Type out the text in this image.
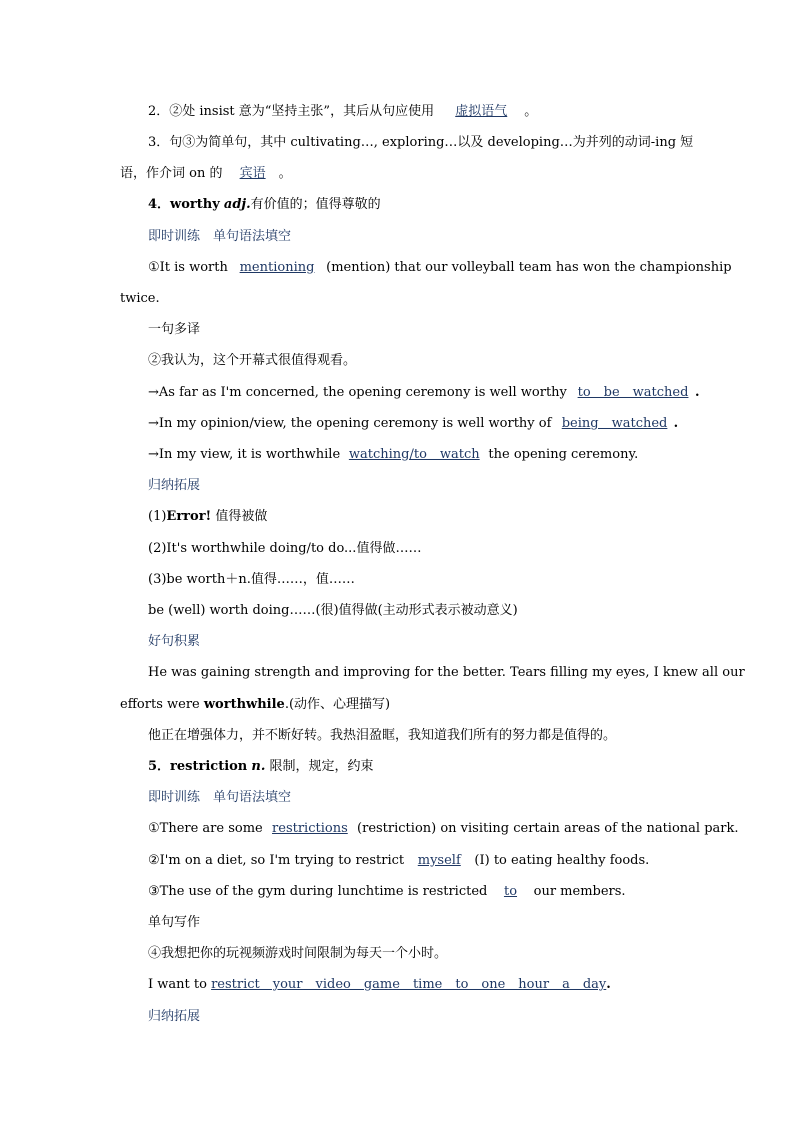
2．②处 insist 意为“坚持主张”，其后从句应使用 虚拟语气 。
3．句③为简单句，其中 cultivating…, exploring…以及 developing…为并列的动词-ing 短
语，作介词 on 的 宾语 。
4．worthy adj.有价值的；值得尊敬的
即时训练　单句语法填空
①It is worth mentioning (mention) that our volleyball team has won the championship
twice.
一句多译
②我认为，这个开幕式很值得观看。
→As far as I'm concerned, the opening ceremony is well worthy to　be　watched .
→In my opinion/view, the opening ceremony is well worthy of being　watched .
→In my view, it is worthwhile watching/to　watch the opening ceremony.
归纳拓展
(1)Error! 值得被做
(2)It's worthwhile doing/to do...值得做……
(3)be worth＋n.值得……，值……
be (well) worth doing……(很)值得做(主动形式表示被动意义)
好句积累
He was gaining strength and improving for the better. Tears filling my eyes, I knew all our
efforts were worthwhile.(动作、心理描写)
他正在增强体力，并不断好转。我热泪盈眶，我知道我们所有的努力都是值得的。
5．restriction n. 限制，规定，约束
即时训练　单句语法填空
①There are some restrictions (restriction) on visiting certain areas of the national park.
②I'm on a diet, so I'm trying to restrict myself (I) to eating healthy foods.
③The use of the gym during lunchtime is restricted to our members.
单句写作
④我想把你的玩视频游戏时间限制为每天一个小时。
I want to restrict　your　video　game　time　to　one　hour　a　day.
归纳拓展
